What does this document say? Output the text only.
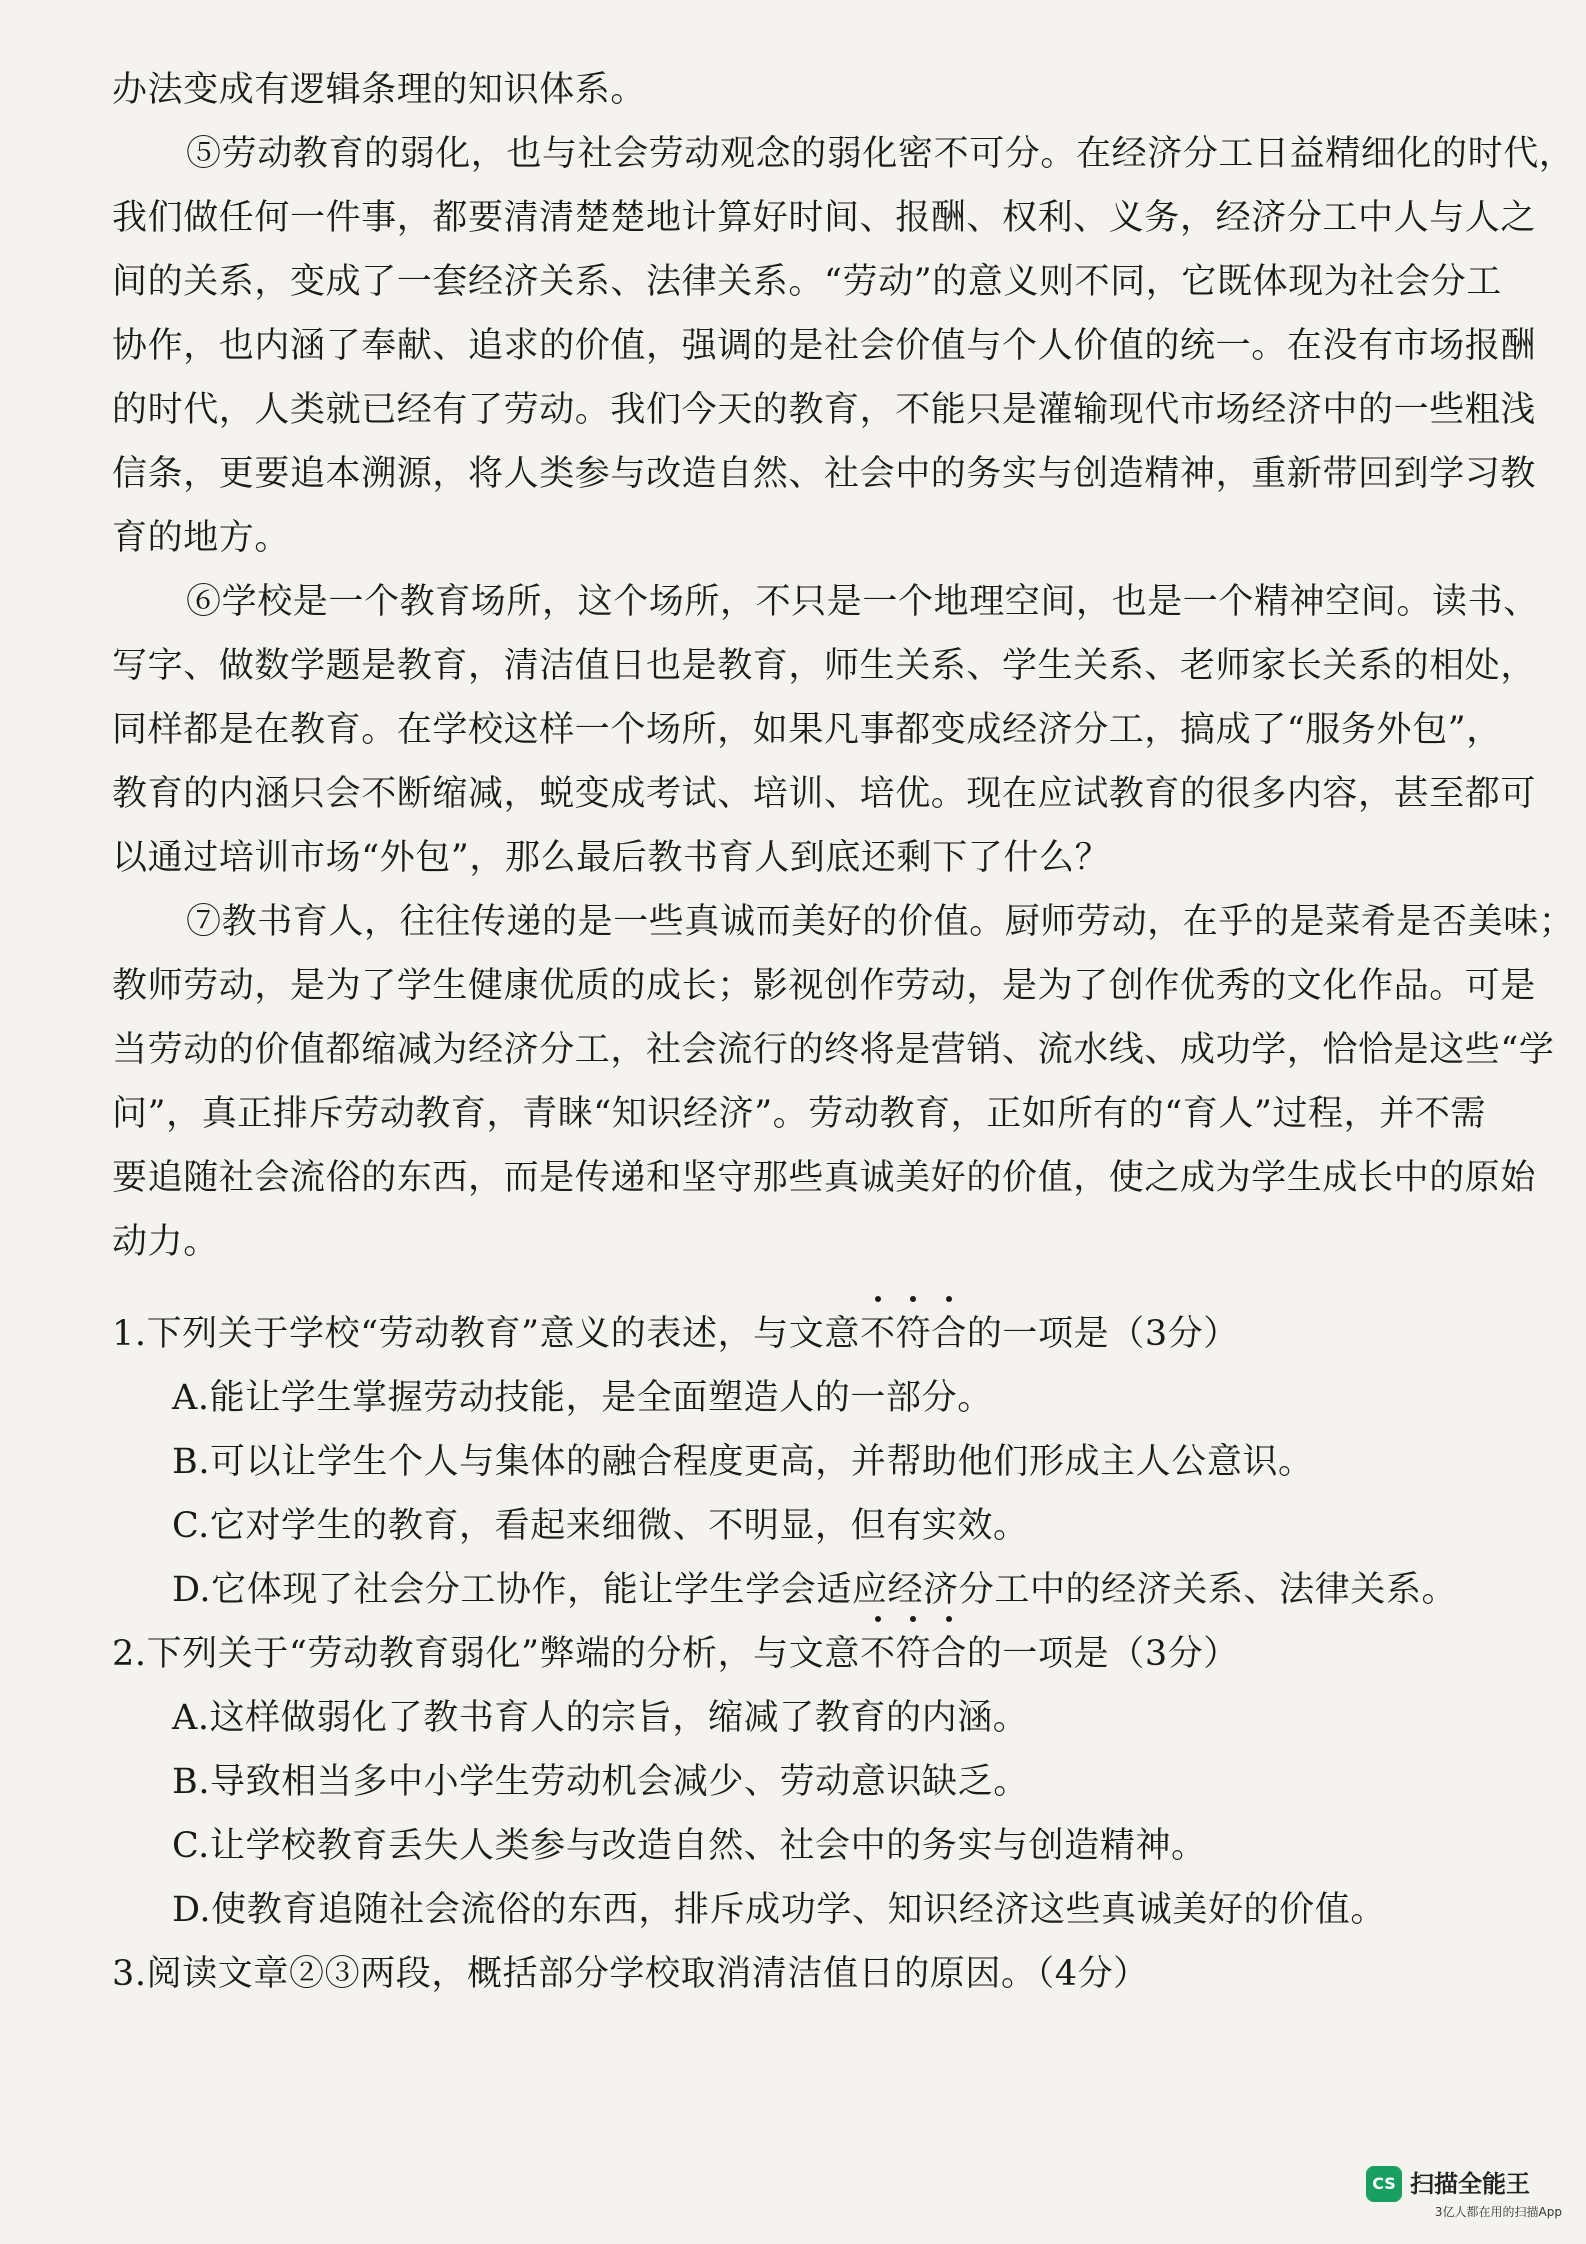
办法变成有逻辑条理的知识体系。
⑤劳动教育的弱化，也与社会劳动观念的弱化密不可分。在经济分工日益精细化的时代，
我们做任何一件事，都要清清楚楚地计算好时间、报酬、权利、义务，经济分工中人与人之
间的关系，变成了一套经济关系、法律关系。“劳动”的意义则不同，它既体现为社会分工
协作，也内涵了奉献、追求的价值，强调的是社会价值与个人价值的统一。在没有市场报酬
的时代，人类就已经有了劳动。我们今天的教育，不能只是灌输现代市场经济中的一些粗浅
信条，更要追本溯源，将人类参与改造自然、社会中的务实与创造精神，重新带回到学习教
育的地方。
⑥学校是一个教育场所，这个场所，不只是一个地理空间，也是一个精神空间。读书、
写字、做数学题是教育，清洁值日也是教育，师生关系、学生关系、老师家长关系的相处，
同样都是在教育。在学校这样一个场所，如果凡事都变成经济分工，搞成了“服务外包”，
教育的内涵只会不断缩减，蜕变成考试、培训、培优。现在应试教育的很多内容，甚至都可
以通过培训市场“外包”，那么最后教书育人到底还剩下了什么？
⑦教书育人，往往传递的是一些真诚而美好的价值。厨师劳动，在乎的是菜肴是否美味；
教师劳动，是为了学生健康优质的成长；影视创作劳动，是为了创作优秀的文化作品。可是
当劳动的价值都缩减为经济分工，社会流行的终将是营销、流水线、成功学，恰恰是这些“学
问”，真正排斥劳动教育，青睐“知识经济”。劳动教育，正如所有的“育人”过程，并不需
要追随社会流俗的东西，而是传递和坚守那些真诚美好的价值，使之成为学生成长中的原始
动力。
1.下列关于学校“劳动教育”意义的表述，与文意不符合的一项是（3分）
A.能让学生掌握劳动技能，是全面塑造人的一部分。
B.可以让学生个人与集体的融合程度更高，并帮助他们形成主人公意识。
C.它对学生的教育，看起来细微、不明显，但有实效。
D.它体现了社会分工协作，能让学生学会适应经济分工中的经济关系、法律关系。
2.下列关于“劳动教育弱化”弊端的分析，与文意不符合的一项是（3分）
A.这样做弱化了教书育人的宗旨，缩减了教育的内涵。
B.导致相当多中小学生劳动机会减少、劳动意识缺乏。
C.让学校教育丢失人类参与改造自然、社会中的务实与创造精神。
D.使教育追随社会流俗的东西，排斥成功学、知识经济这些真诚美好的价值。
3.阅读文章②③两段，概括部分学校取消清洁值日的原因。（4分）
CS 扫描全能王
3亿人都在用的扫描App
